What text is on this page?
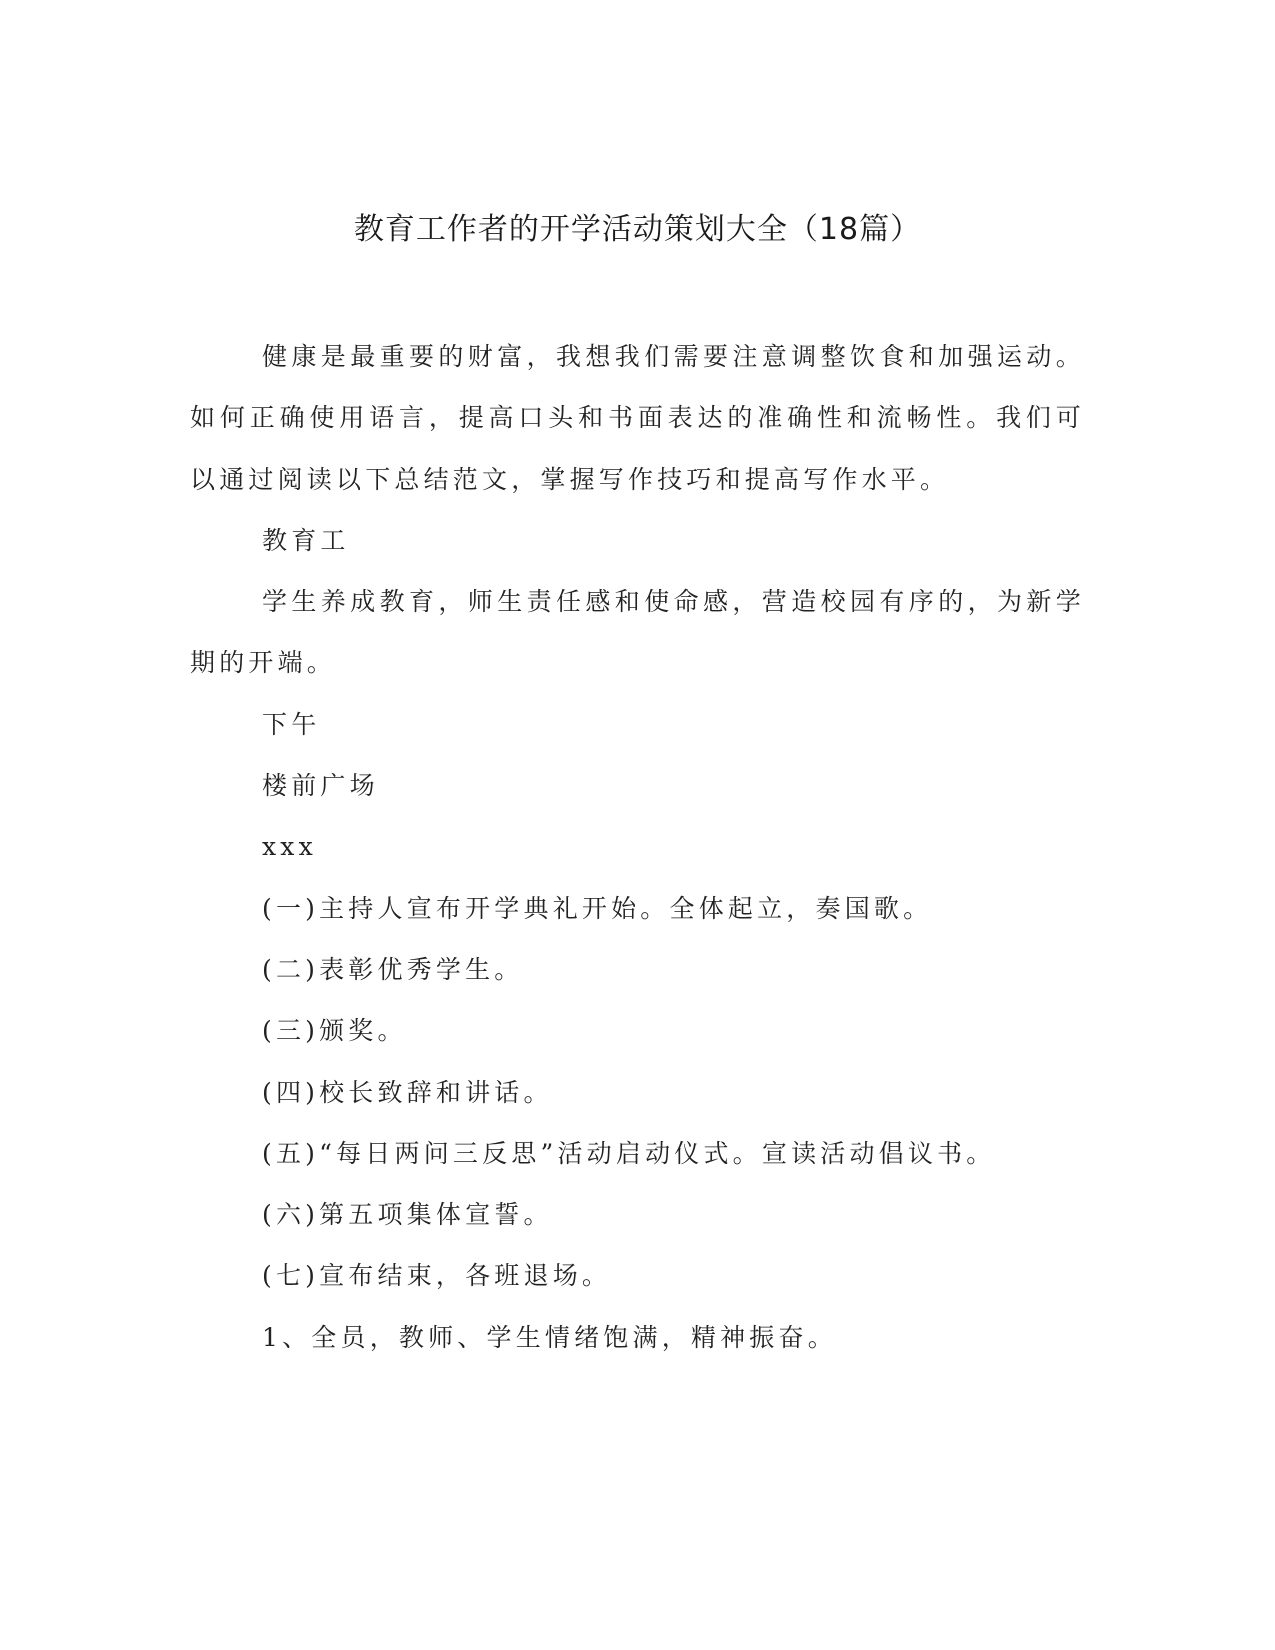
教育工作者的开学活动策划大全（18篇）

健康是最重要的财富，我想我们需要注意调整饮食和加强运动。如何正确使用语言，提高口头和书面表达的准确性和流畅性。我们可以通过阅读以下总结范文，掌握写作技巧和提高写作水平。

教育工

学生养成教育，师生责任感和使命感，营造校园有序的，为新学期的开端。

下午

楼前广场

xxx

(一)主持人宣布开学典礼开始。全体起立，奏国歌。

(二)表彰优秀学生。

(三)颁奖。

(四)校长致辞和讲话。

(五)“每日两问三反思”活动启动仪式。宣读活动倡议书。

(六)第五项集体宣誓。

(七)宣布结束，各班退场。

1、全员，教师、学生情绪饱满，精神振奋。
